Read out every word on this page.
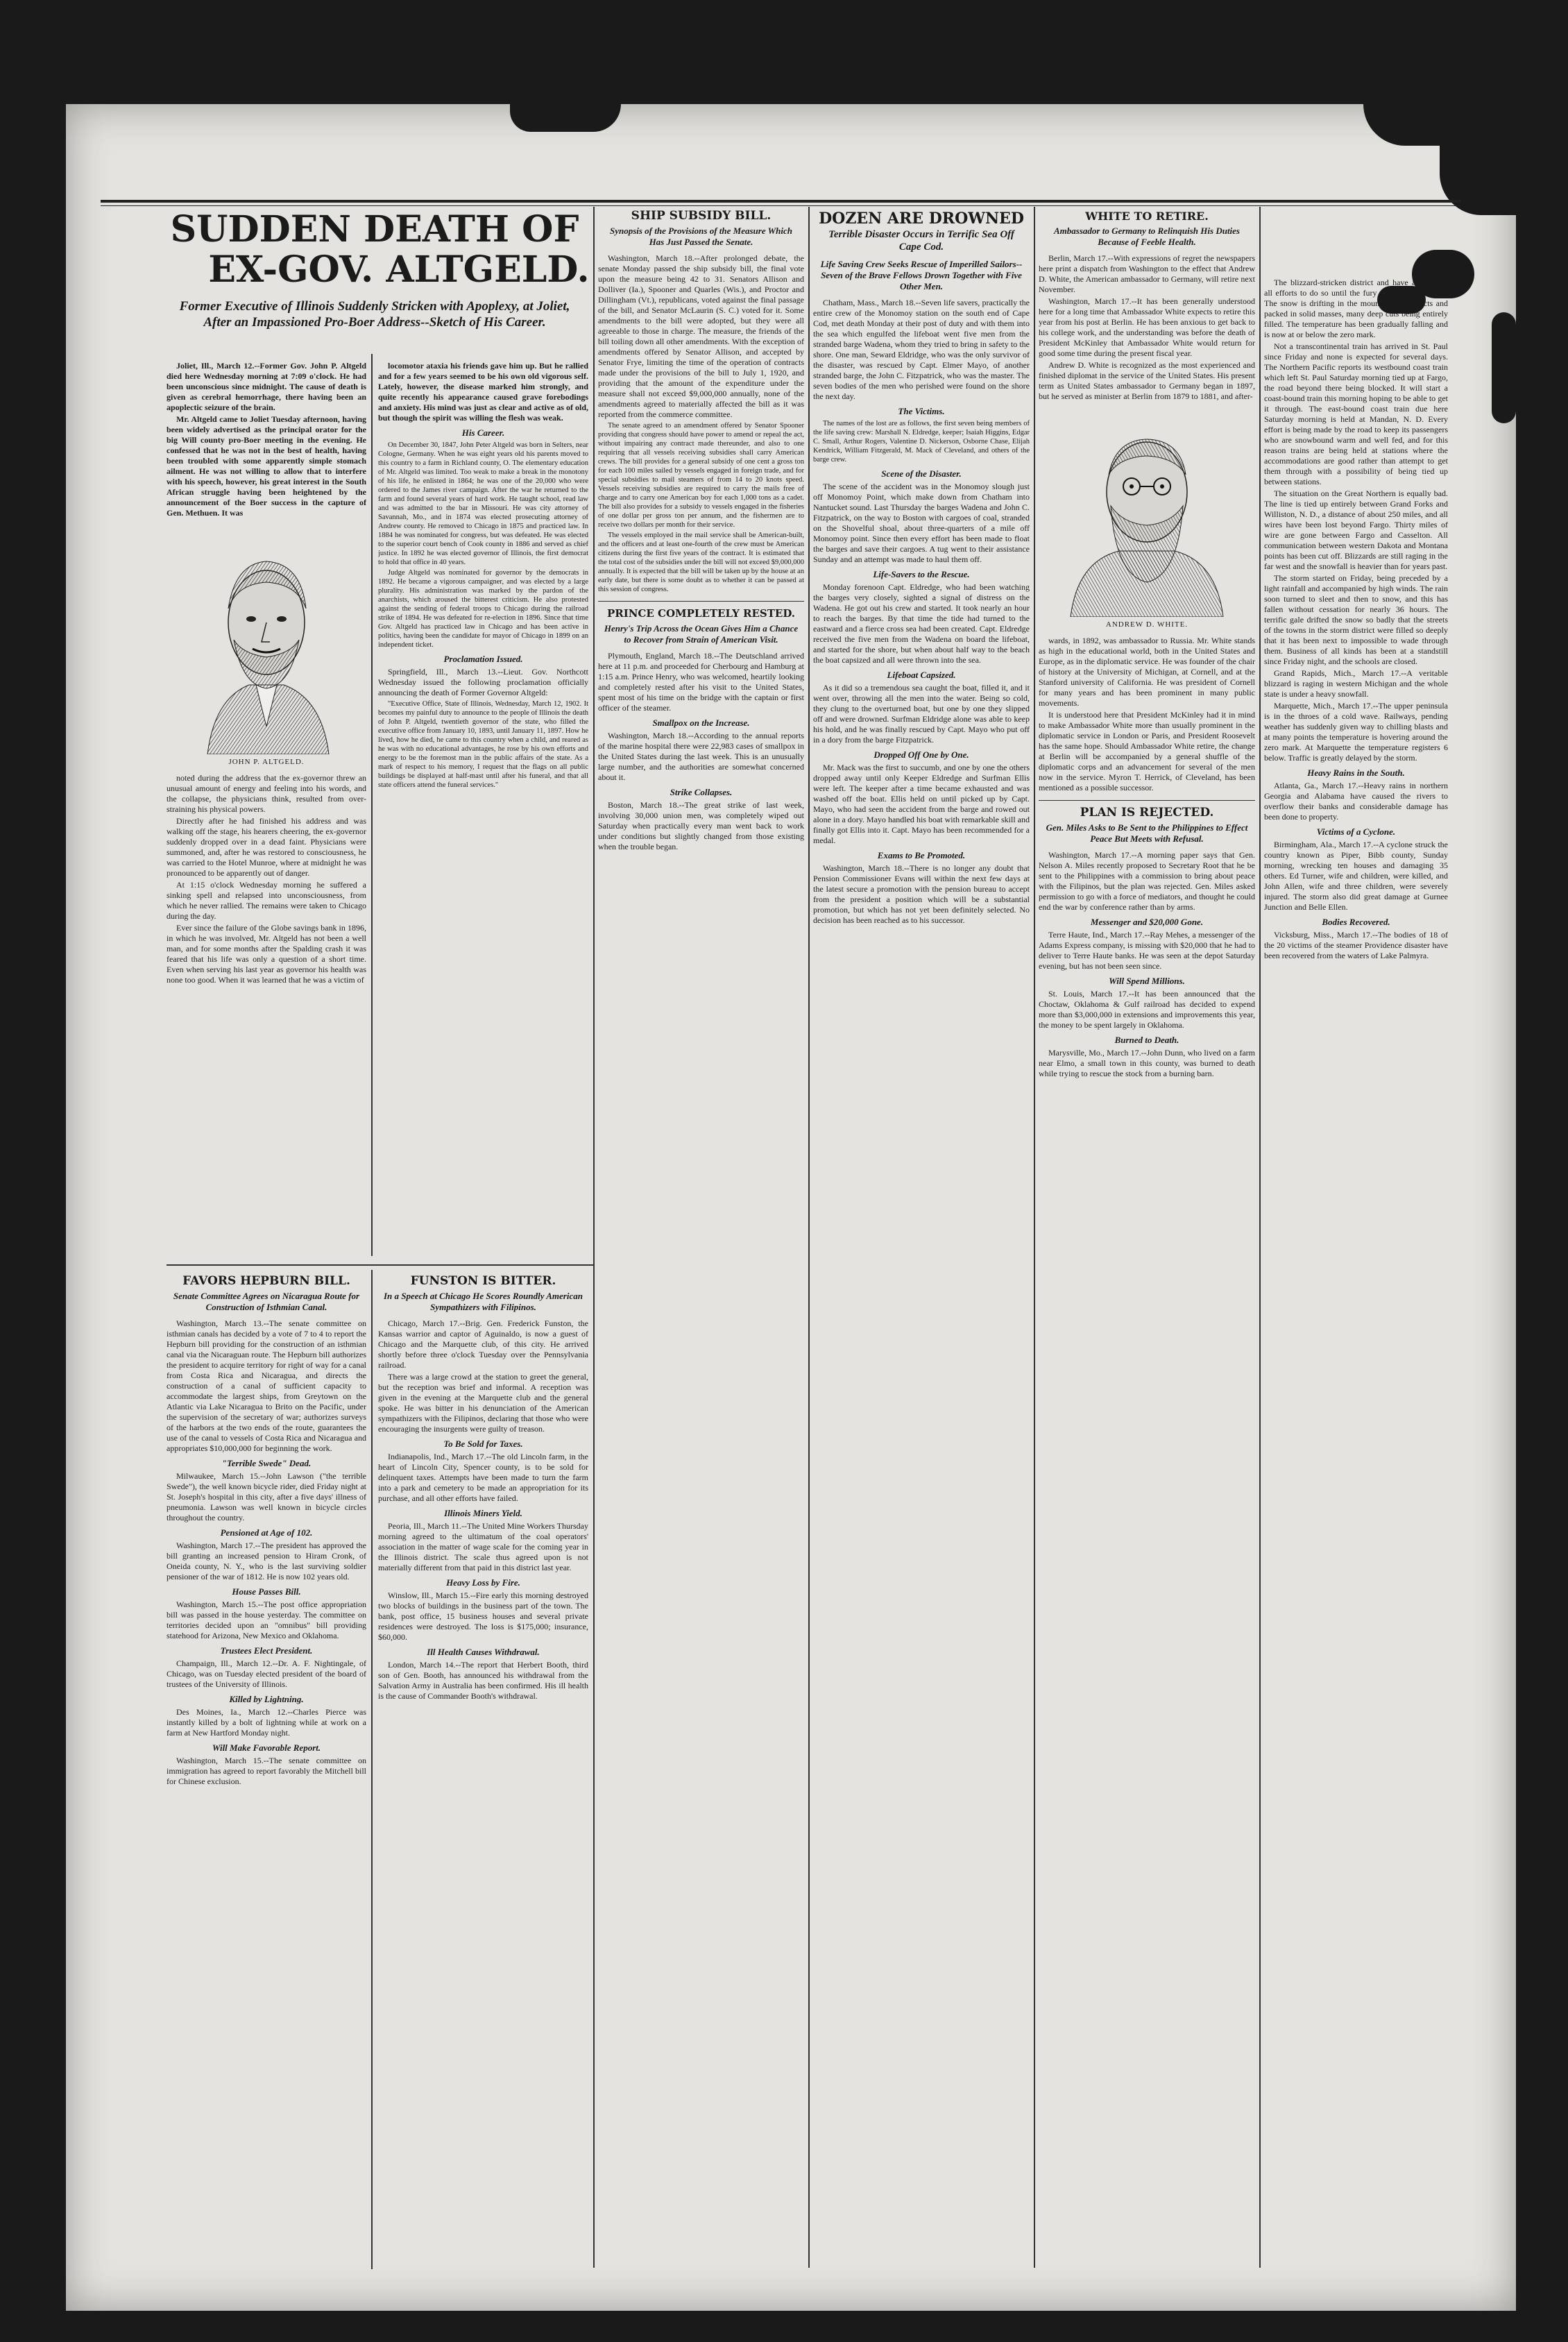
SUDDEN DEATH OF
EX-GOV. ALTGELD.
Former Executive of Illinois Suddenly Stricken with Apoplexy, at Joliet, After an Impassioned Pro-Boer Address--Sketch of His Career.

Joliet, Ill., March 12.--Former Gov. John P. Altgeld died here Wednesday morning at 7:09 o'clock. He had been unconscious since midnight. The cause of death is given as cerebral hemorrhage, there having been an apoplectic seizure of the brain.

Mr. Altgeld came to Joliet Tuesday afternoon, having been widely advertised as the principal orator for the big Will county pro-Boer meeting in the evening. He confessed that he was not in the best of health, having been troubled with some apparently simple stomach ailment. He was not willing to allow that to interfere with his speech, however, his great interest in the South African struggle having been heightened by the announcement of the Boer success in the capture of Gen. Methuen. It was

JOHN P. ALTGELD.

noted during the address that the ex-governor threw an unusual amount of energy and feeling into his words, and the collapse, the physicians think, resulted from over-straining his physical powers.

Directly after he had finished his address and was walking off the stage, his hearers cheering, the ex-governor suddenly dropped over in a dead faint. Physicians were summoned, and, after he was restored to consciousness, he was carried to the Hotel Munroe, where at midnight he was pronounced to be apparently out of danger.

At 1:15 o'clock Wednesday morning he suffered a sinking spell and relapsed into unconsciousness, from which he never rallied. The remains were taken to Chicago during the day.

Ever since the failure of the Globe savings bank in 1896, in which he was involved, Mr. Altgeld has not been a well man, and for some months after the Spalding crash it was feared that his life was only a question of a short time. Even when serving his last year as governor his health was none too good. When it was learned that he was a victim of

locomotor ataxia his friends gave him up. But he rallied and for a few years seemed to be his own old vigorous self. Lately, however, the disease marked him strongly, and quite recently his appearance caused grave forebodings and anxiety. His mind was just as clear and active as of old, but though the spirit was willing the flesh was weak.

His Career.

On December 30, 1847, John Peter Altgeld was born in Selters, near Cologne, Germany. When he was eight years old his parents moved to this country to a farm in Richland county, O. The elementary education of Mr. Altgeld was limited. Too weak to make a break in the monotony of his life, he enlisted in 1864; he was one of the 20,000 who were ordered to the James river campaign. After the war he returned to the farm and found several years of hard work. He taught school, read law and was admitted to the bar in Missouri. He was city attorney of Savannah, Mo., and in 1874 was elected prosecuting attorney of Andrew county. He removed to Chicago in 1875 and practiced law. In 1884 he was nominated for congress, but was defeated. He was elected to the superior court bench of Cook county in 1886 and served as chief justice. In 1892 he was elected governor of Illinois, the first democrat to hold that office in 40 years.

Judge Altgeld was nominated for governor by the democrats in 1892. He became a vigorous campaigner, and was elected by a large plurality. His administration was marked by the pardon of the anarchists, which aroused the bitterest criticism. He also protested against the sending of federal troops to Chicago during the railroad strike of 1894. He was defeated for re-election in 1896. Since that time Gov. Altgeld has practiced law in Chicago and has been active in politics, having been the candidate for mayor of Chicago in 1899 on an independent ticket.

Proclamation Issued.

Springfield, Ill., March 13.--Lieut. Gov. Northcott Wednesday issued the following proclamation officially announcing the death of Former Governor Altgeld:

"Executive Office, State of Illinois, Wednesday, March 12, 1902. It becomes my painful duty to announce to the people of Illinois the death of John P. Altgeld, twentieth governor of the state, who filled the executive office from January 10, 1893, until January 11, 1897. How he lived, how he died, he came to this country when a child, and reared as he was with no educational advantages, he rose by his own efforts and energy to be the foremost man in the public affairs of the state. As a mark of respect to his memory, I request that the flags on all public buildings be displayed at half-mast until after his funeral, and that all state officers attend the funeral services."

FAVORS HEPBURN BILL.
Senate Committee Agrees on Nicaragua Route for Construction of Isthmian Canal.

Washington, March 13.--The senate committee on isthmian canals has decided by a vote of 7 to 4 to report the Hepburn bill providing for the construction of an isthmian canal via the Nicaraguan route. The Hepburn bill authorizes the president to acquire territory for right of way for a canal from Costa Rica and Nicaragua, and directs the construction of a canal of sufficient capacity to accommodate the largest ships, from Greytown on the Atlantic via Lake Nicaragua to Brito on the Pacific, under the supervision of the secretary of war; authorizes surveys of the harbors at the two ends of the route, guarantees the use of the canal to vessels of Costa Rica and Nicaragua and appropriates $10,000,000 for beginning the work.

"Terrible Swede" Dead.

Milwaukee, March 15.--John Lawson ("the terrible Swede"), the well known bicycle rider, died Friday night at St. Joseph's hospital in this city, after a five days' illness of pneumonia. Lawson was well known in bicycle circles throughout the country.

Pensioned at Age of 102.

Washington, March 17.--The president has approved the bill granting an increased pension to Hiram Cronk, of Oneida county, N. Y., who is the last surviving soldier pensioner of the war of 1812. He is now 102 years old.

House Passes Bill.

Washington, March 15.--The post office appropriation bill was passed in the house yesterday. The committee on territories decided upon an "omnibus" bill providing statehood for Arizona, New Mexico and Oklahoma.

Trustees Elect President.

Champaign, Ill., March 12.--Dr. A. F. Nightingale, of Chicago, was on Tuesday elected president of the board of trustees of the University of Illinois.

Killed by Lightning.

Des Moines, Ia., March 12.--Charles Pierce was instantly killed by a bolt of lightning while at work on a farm at New Hartford Monday night.

Will Make Favorable Report.

Washington, March 15.--The senate committee on immigration has agreed to report favorably the Mitchell bill for Chinese exclusion.

FUNSTON IS BITTER.
In a Speech at Chicago He Scores Roundly American Sympathizers with Filipinos.

Chicago, March 17.--Brig. Gen. Frederick Funston, the Kansas warrior and captor of Aguinaldo, is now a guest of Chicago and the Marquette club, of this city. He arrived shortly before three o'clock Tuesday over the Pennsylvania railroad.

There was a large crowd at the station to greet the general, but the reception was brief and informal. A reception was given in the evening at the Marquette club and the general spoke. He was bitter in his denunciation of the American sympathizers with the Filipinos, declaring that those who were encouraging the insurgents were guilty of treason.

To Be Sold for Taxes.

Indianapolis, Ind., March 17.--The old Lincoln farm, in the heart of Lincoln City, Spencer county, is to be sold for delinquent taxes. Attempts have been made to turn the farm into a park and cemetery to be made an appropriation for its purchase, and all other efforts have failed.

Illinois Miners Yield.

Peoria, Ill., March 11.--The United Mine Workers Thursday morning agreed to the ultimatum of the coal operators' association in the matter of wage scale for the coming year in the Illinois district. The scale thus agreed upon is not materially different from that paid in this district last year.

Heavy Loss by Fire.

Winslow, Ill., March 15.--Fire early this morning destroyed two blocks of buildings in the business part of the town. The bank, post office, 15 business houses and several private residences were destroyed. The loss is $175,000; insurance, $60,000.

Ill Health Causes Withdrawal.

London, March 14.--The report that Herbert Booth, third son of Gen. Booth, has announced his withdrawal from the Salvation Army in Australia has been confirmed. His ill health is the cause of Commander Booth's withdrawal.

SHIP SUBSIDY BILL.
Synopsis of the Provisions of the Measure Which Has Just Passed the Senate.

Washington, March 18.--After prolonged debate, the senate Monday passed the ship subsidy bill, the final vote upon the measure being 42 to 31. Senators Allison and Dolliver (Ia.), Spooner and Quarles (Wis.), and Proctor and Dillingham (Vt.), republicans, voted against the final passage of the bill, and Senator McLaurin (S. C.) voted for it. Some amendments to the bill were adopted, but they were all agreeable to those in charge. The measure, the friends of the bill toiling down all other amendments. With the exception of amendments offered by Senator Allison, and accepted by Senator Frye, limiting the time of the operation of contracts made under the provisions of the bill to July 1, 1920, and providing that the amount of the expenditure under the measure shall not exceed $9,000,000 annually, none of the amendments agreed to materially affected the bill as it was reported from the commerce committee.

The senate agreed to an amendment offered by Senator Spooner providing that congress should have power to amend or repeal the act, without impairing any contract made thereunder, and also to one requiring that all vessels receiving subsidies shall carry American crews. The bill provides for a general subsidy of one cent a gross ton for each 100 miles sailed by vessels engaged in foreign trade, and for special subsidies to mail steamers of from 14 to 20 knots speed. Vessels receiving subsidies are required to carry the mails free of charge and to carry one American boy for each 1,000 tons as a cadet. The bill also provides for a subsidy to vessels engaged in the fisheries of one dollar per gross ton per annum, and the fishermen are to receive two dollars per month for their service.

The vessels employed in the mail service shall be American-built, and the officers and at least one-fourth of the crew must be American citizens during the first five years of the contract. It is estimated that the total cost of the subsidies under the bill will not exceed $9,000,000 annually. It is expected that the bill will be taken up by the house at an early date, but there is some doubt as to whether it can be passed at this session of congress.

PRINCE COMPLETELY RESTED.
Henry's Trip Across the Ocean Gives Him a Chance to Recover from Strain of American Visit.

Plymouth, England, March 18.--The Deutschland arrived here at 11 p.m. and proceeded for Cherbourg and Hamburg at 1:15 a.m. Prince Henry, who was welcomed, heartily looking and completely rested after his visit to the United States, spent most of his time on the bridge with the captain or first officer of the steamer.

Smallpox on the Increase.

Washington, March 18.--According to the annual reports of the marine hospital there were 22,983 cases of smallpox in the United States during the last week. This is an unusually large number, and the authorities are somewhat concerned about it.

Strike Collapses.

Boston, March 18.--The great strike of last week, involving 30,000 union men, was completely wiped out Saturday when practically every man went back to work under conditions but slightly changed from those existing when the trouble began.

DOZEN ARE DROWNED
Terrible Disaster Occurs in Terrific Sea Off Cape Cod.
Life Saving Crew Seeks Rescue of Imperilled Sailors--Seven of the Brave Fellows Drown Together with Five Other Men.

Chatham, Mass., March 18.--Seven life savers, practically the entire crew of the Monomoy station on the south end of Cape Cod, met death Monday at their post of duty and with them into the sea which engulfed the lifeboat went five men from the stranded barge Wadena, whom they tried to bring in safety to the shore. One man, Seward Eldridge, who was the only survivor of the disaster, was rescued by Capt. Elmer Mayo, of another stranded barge, the John C. Fitzpatrick, who was the master. The seven bodies of the men who perished were found on the shore the next day.

The Victims.

The names of the lost are as follows, the first seven being members of the life saving crew: Marshall N. Eldredge, keeper; Isaiah Higgins, Edgar C. Small, Arthur Rogers, Valentine D. Nickerson, Osborne Chase, Elijah Kendrick, William Fitzgerald, M. Mack of Cleveland, and others of the barge crew.

Scene of the Disaster.

The scene of the accident was in the Monomoy slough just off Monomoy Point, which make down from Chatham into Nantucket sound. Last Thursday the barges Wadena and John C. Fitzpatrick, on the way to Boston with cargoes of coal, stranded on the Shovelful shoal, about three-quarters of a mile off Monomoy point. Since then every effort has been made to float the barges and save their cargoes. A tug went to their assistance Sunday and an attempt was made to haul them off.

Life-Savers to the Rescue.

Monday forenoon Capt. Eldredge, who had been watching the barges very closely, sighted a signal of distress on the Wadena. He got out his crew and started. It took nearly an hour to reach the barges. By that time the tide had turned to the eastward and a fierce cross sea had been created. Capt. Eldredge received the five men from the Wadena on board the lifeboat, and started for the shore, but when about half way to the beach the boat capsized and all were thrown into the sea.

Lifeboat Capsized.

As it did so a tremendous sea caught the boat, filled it, and it went over, throwing all the men into the water. Being so cold, they clung to the overturned boat, but one by one they slipped off and were drowned. Surfman Eldridge alone was able to keep his hold, and he was finally rescued by Capt. Mayo who put off in a dory from the barge Fitzpatrick.

Dropped Off One by One.

Mr. Mack was the first to succumb, and one by one the others dropped away until only Keeper Eldredge and Surfman Ellis were left. The keeper after a time became exhausted and was washed off the boat. Ellis held on until picked up by Capt. Mayo, who had seen the accident from the barge and rowed out alone in a dory. Mayo handled his boat with remarkable skill and finally got Ellis into it. Capt. Mayo has been recommended for a medal.

Exams to Be Promoted.

Washington, March 18.--There is no longer any doubt that Pension Commissioner Evans will within the next few days at the latest secure a promotion with the pension bureau to accept from the president a position which will be a substantial promotion, but which has not yet been definitely selected. No decision has been reached as to his successor.

WHITE TO RETIRE.
Ambassador to Germany to Relinquish His Duties Because of Feeble Health.

Berlin, March 17.--With expressions of regret the newspapers here print a dispatch from Washington to the effect that Andrew D. White, the American ambassador to Germany, will retire next November.

Washington, March 17.--It has been generally understood here for a long time that Ambassador White expects to retire this year from his post at Berlin. He has been anxious to get back to his college work, and the understanding was before the death of President McKinley that Ambassador White would return for good some time during the present fiscal year.

Andrew D. White is recognized as the most experienced and finished diplomat in the service of the United States. His present term as United States ambassador to Germany began in 1897, but he served as minister at Berlin from 1879 to 1881, and after-

ANDREW D. WHITE.

wards, in 1892, was ambassador to Russia. Mr. White stands as high in the educational world, both in the United States and Europe, as in the diplomatic service. He was founder of the chair of history at the University of Michigan, at Cornell, and at the Stanford university of California. He was president of Cornell for many years and has been prominent in many public movements.

It is understood here that President McKinley had it in mind to make Ambassador White more than usually prominent in the diplomatic service in London or Paris, and President Roosevelt has the same hope. Should Ambassador White retire, the change at Berlin will be accompanied by a general shuffle of the diplomatic corps and an advancement for several of the men now in the service. Myron T. Herrick, of Cleveland, has been mentioned as a possible successor.

PLAN IS REJECTED.
Gen. Miles Asks to Be Sent to the Philippines to Effect Peace But Meets with Refusal.

Washington, March 17.--A morning paper says that Gen. Nelson A. Miles recently proposed to Secretary Root that he be sent to the Philippines with a commission to bring about peace with the Filipinos, but the plan was rejected. Gen. Miles asked permission to go with a force of mediators, and thought he could end the war by conference rather than by arms.

Messenger and $20,000 Gone.

Terre Haute, Ind., March 17.--Ray Mehes, a messenger of the Adams Express company, is missing with $20,000 that he had to deliver to Terre Haute banks. He was seen at the depot Saturday evening, but has not been seen since.

Will Spend Millions.

St. Louis, March 17.--It has been announced that the Choctaw, Oklahoma & Gulf railroad has decided to expend more than $3,000,000 in extensions and improvements this year, the money to be spent largely in Oklahoma.

Burned to Death.

Marysville, Mo., March 17.--John Dunn, who lived on a farm near Elmo, a small town in this county, was burned to death while trying to rescue the stock from a burning barn.

The blizzard-stricken district and have abandoned all efforts to do so until the fury of the storm abates. The snow is drifting in the mountainous districts and packed in solid masses, many deep cuts being entirely filled. The temperature has been gradually falling and is now at or below the zero mark.

Not a transcontinental train has arrived in St. Paul since Friday and none is expected for several days. The Northern Pacific reports its westbound coast train which left St. Paul Saturday morning tied up at Fargo, the road beyond there being blocked. It will start a coast-bound train this morning hoping to be able to get it through. The east-bound coast train due here Saturday morning is held at Mandan, N. D. Every effort is being made by the road to keep its passengers who are snowbound warm and well fed, and for this reason trains are being held at stations where the accommodations are good rather than attempt to get them through with a possibility of being tied up between stations.

The situation on the Great Northern is equally bad. The line is tied up entirely between Grand Forks and Williston, N. D., a distance of about 250 miles, and all wires have been lost beyond Fargo. Thirty miles of wire are gone between Fargo and Casselton. All communication between western Dakota and Montana points has been cut off. Blizzards are still raging in the far west and the snowfall is heavier than for years past.

The storm started on Friday, being preceded by a light rainfall and accompanied by high winds. The rain soon turned to sleet and then to snow, and this has fallen without cessation for nearly 36 hours. The terrific gale drifted the snow so badly that the streets of the towns in the storm district were filled so deeply that it has been next to impossible to wade through them. Business of all kinds has been at a standstill since Friday night, and the schools are closed.

Grand Rapids, Mich., March 17.--A veritable blizzard is raging in western Michigan and the whole state is under a heavy snowfall.

Marquette, Mich., March 17.--The upper peninsula is in the throes of a cold wave. Railways, pending weather has suddenly given way to chilling blasts and at many points the temperature is hovering around the zero mark. At Marquette the temperature registers 6 below. Traffic is greatly delayed by the storm.

Heavy Rains in the South.

Atlanta, Ga., March 17.--Heavy rains in northern Georgia and Alabama have caused the rivers to overflow their banks and considerable damage has been done to property.

Victims of a Cyclone.

Birmingham, Ala., March 17.--A cyclone struck the country known as Piper, Bibb county, Sunday morning, wrecking ten houses and damaging 35 others. Ed Turner, wife and children, were killed, and John Allen, wife and three children, were severely injured. The storm also did great damage at Gurnee Junction and Belle Ellen.

Bodies Recovered.

Vicksburg, Miss., March 17.--The bodies of 18 of the 20 victims of the steamer Providence disaster have been recovered from the waters of Lake Palmyra.
